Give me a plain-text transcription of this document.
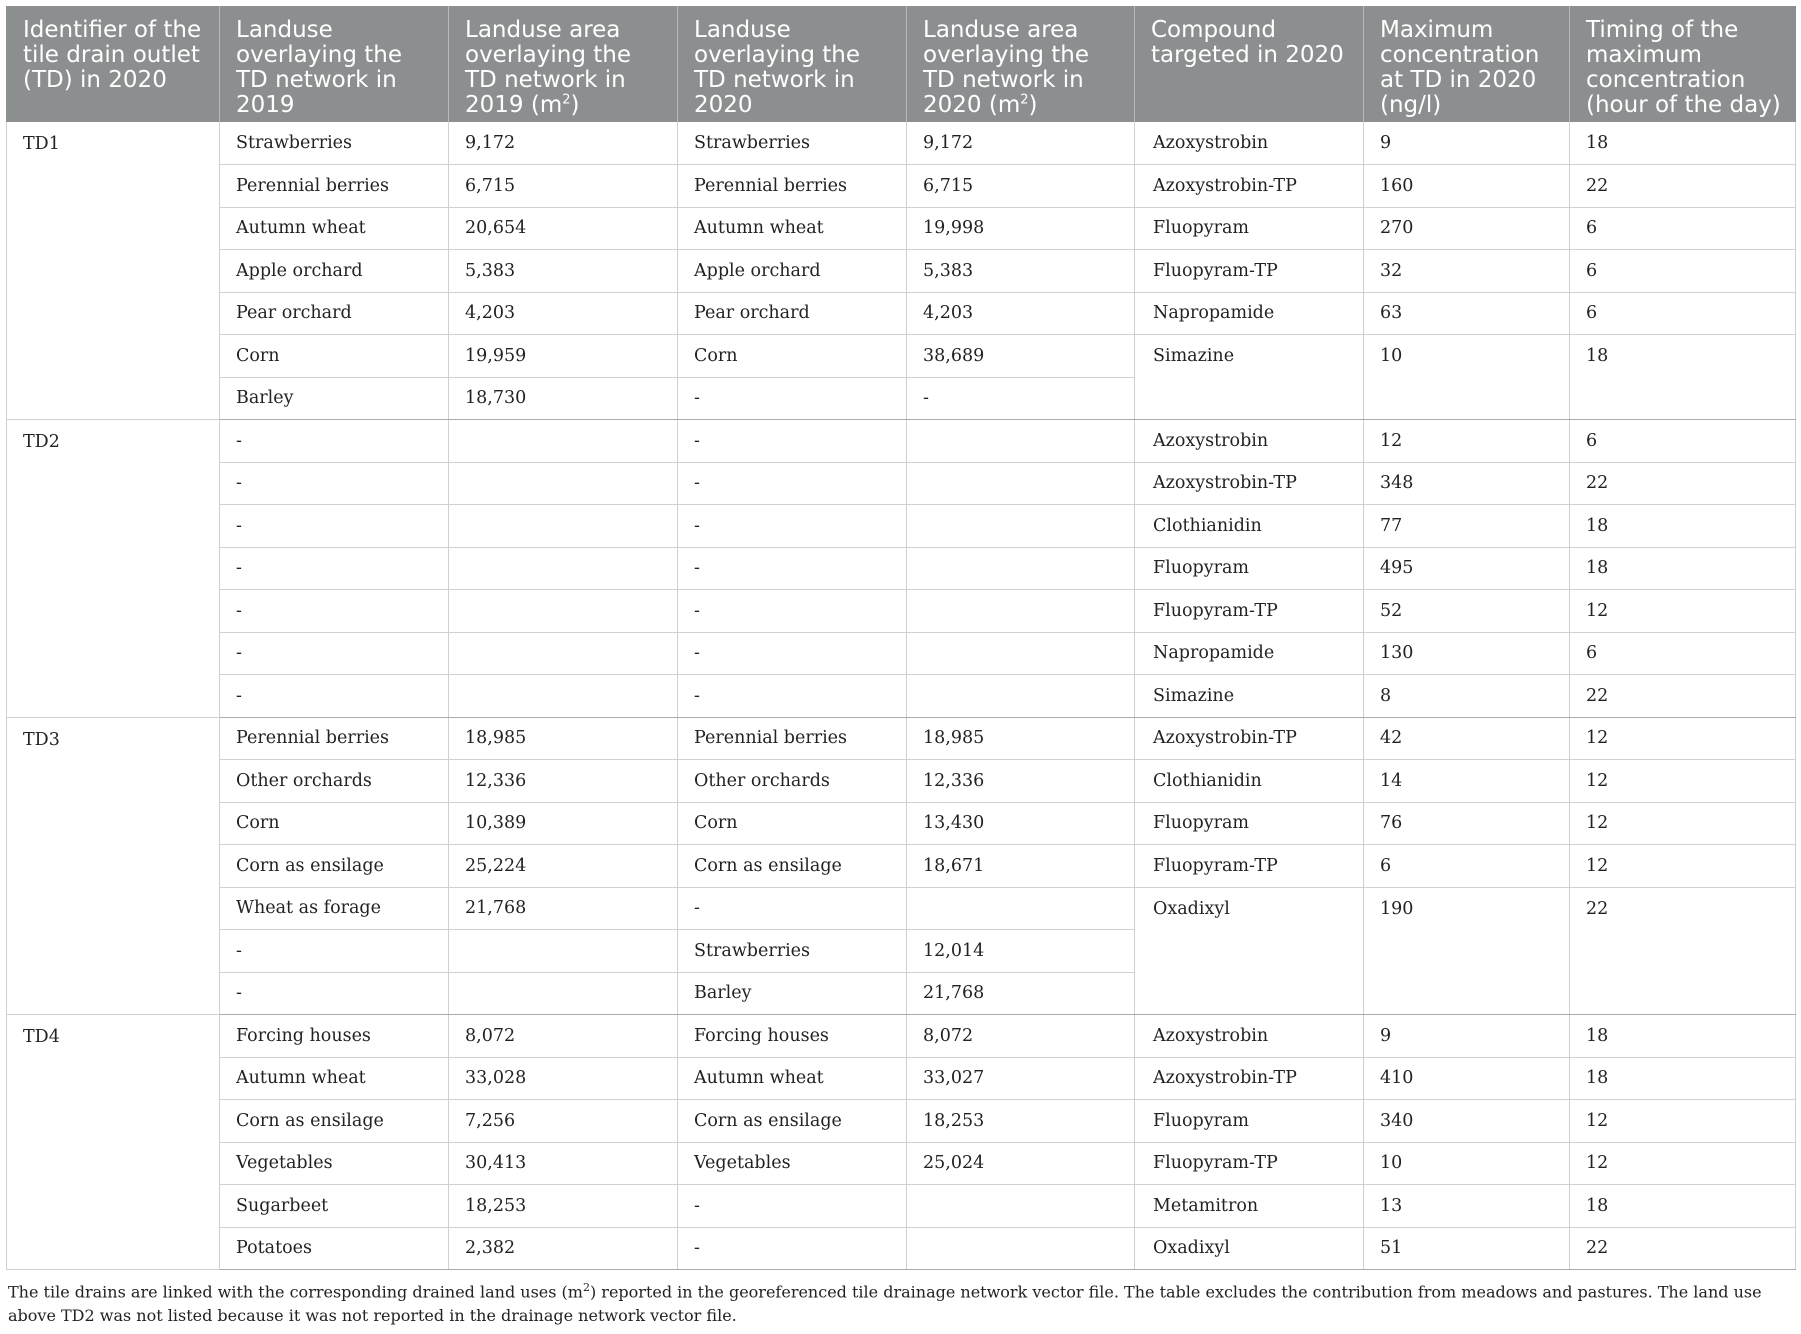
Identifier of the tile drain outlet (TD) in 2020	Landuse overlaying the TD network in 2019	Landuse area overlaying the TD network in 2019 $(m^2)$	Landuse overlaying the TD network in 2020	Landuse area overlaying the TD network in 2020 $(m^2)$	Compound targeted in 2020	Maximum concentration at TD in 2020 (ng/l)	Timing of the maximum concentration (hour of the day)
TD1	Strawberries	9,172	Strawberries	9,172	Azoxystrobin	9	18
	Perennial berries	6,715	Perennial berries	6,715	Azoxystrobin-TP	160	22
	Autumn wheat	20,654	Autumn wheat	19,998	Fluopyram	270	6
	Apple orchard	5,383	Apple orchard	5,383	Fluopyram-TP	32	6
	Pear orchard	4,203	Pear orchard	4,203	Napropamide	63	6
	Corn	19,959	Corn	38,689	Simazine	10	18
	Barley	18,730	-	-			
TD2	-		-		Azoxystrobin	12	6
	-		-		Azoxystrobin-TP	348	22
	-		-		Clothianidin	77	18
	-		-		Fluopyram	495	18
	-		-		Fluopyram-TP	52	12
	-		-		Napropamide	130	6
	-		-		Simazine	8	22
TD3	Perennial berries	18,985	Perennial berries	18,985	Azoxystrobin-TP	42	12
	Other orchards	12,336	Other orchards	12,336	Clothianidin	14	12
	Corn	10,389	Corn	13,430	Fluopyram	76	12
	Corn as ensilage	25,224	Corn as ensilage	18,671	Fluopyram-TP	6	12
	Wheat as forage	21,768	-		Oxadixyl	190	22
	-		Strawberries	12,014			
	-		Barley	21,768			
TD4	Forcing houses	8,072	Forcing houses	8,072	Azoxystrobin	9	18
	Autumn wheat	33,028	Autumn wheat	33,027	Azoxystrobin-TP	410	18
	Corn as ensilage	7,256	Corn as ensilage	18,253	Fluopyram	340	12
	Vegetables	30,413	Vegetables	25,024	Fluopyram-TP	10	12
	Sugarbeet	18,253	-		Metamitron	13	18
	Potatoes	2,382	-		Oxadixyl	51	22
The tile drains are linked with the corresponding drained land uses $(m^2)$ reported in the georeferenced tile drainage network vector file. The table excludes the contribution from meadows and pastures. The land use above TD2 was not listed because it was not reported in the drainage network vector file.
